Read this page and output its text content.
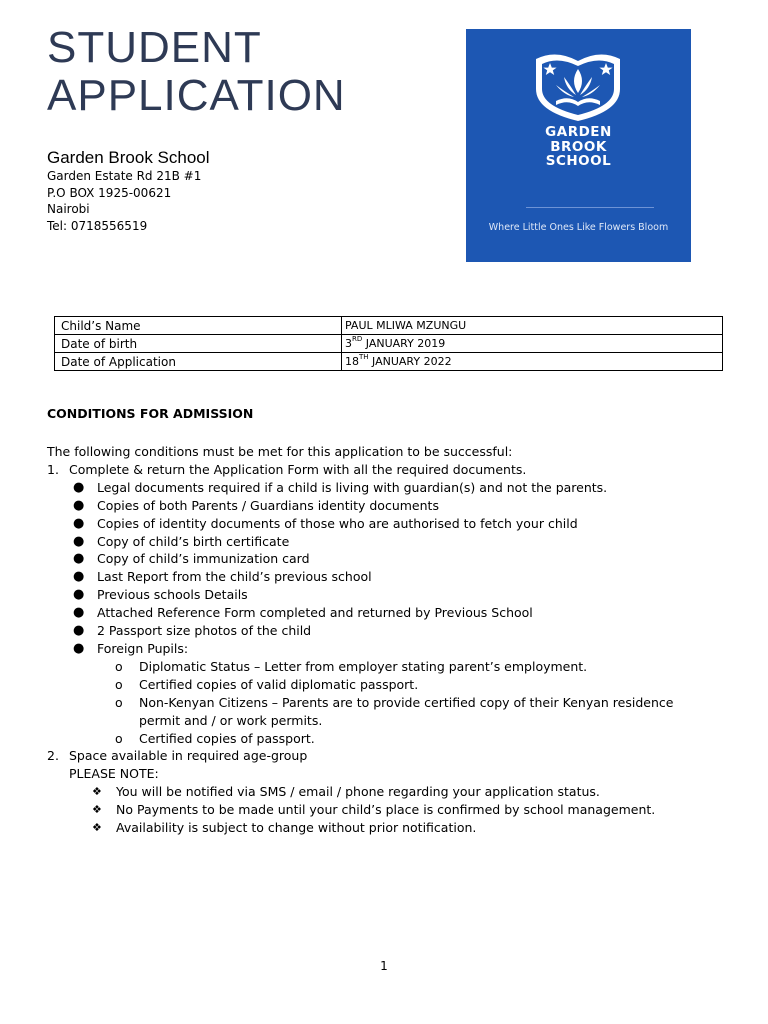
STUDENT
APPLICATION
Garden Brook School
Garden Estate Rd 21B #1
P.O BOX 1925-00621
Nairobi
Tel: 0718556519
GARDEN
BROOK
SCHOOL
Where Little Ones Like Flowers Bloom
Child’s Name	PAUL MLIWA MZUNGU
Date of birth	3RD JANUARY 2019
Date of Application	18TH JANUARY 2022
CONDITIONS FOR ADMISSION
The following conditions must be met for this application to be successful:
1. Complete & return the Application Form with all the required documents.
● Legal documents required if a child is living with guardian(s) and not the parents.
● Copies of both Parents / Guardians identity documents
● Copies of identity documents of those who are authorised to fetch your child
● Copy of child’s birth certificate
● Copy of child’s immunization card
● Last Report from the child’s previous school
● Previous schools Details
● Attached Reference Form completed and returned by Previous School
● 2 Passport size photos of the child
● Foreign Pupils:
o Diplomatic Status – Letter from employer stating parent’s employment.
o Certified copies of valid diplomatic passport.
o Non-Kenyan Citizens – Parents are to provide certified copy of their Kenyan residence
permit and / or work permits.
o Certified copies of passport.
2. Space available in required age-group
PLEASE NOTE:
❖ You will be notified via SMS / email / phone regarding your application status.
❖ No Payments to be made until your child’s place is confirmed by school management.
❖ Availability is subject to change without prior notification.
1
